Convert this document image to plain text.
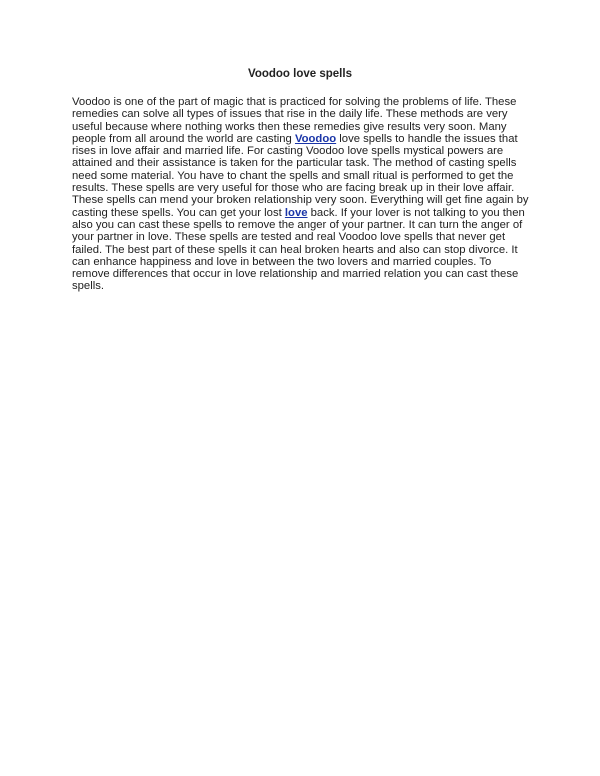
Voodoo love spells

Voodoo is one of the part of magic that is practiced for solving the problems of life. These remedies can solve all types of issues that rise in the daily life. These methods are very useful because where nothing works then these remedies give results very soon. Many people from all around the world are casting Voodoo love spells to handle the issues that rises in love affair and married life. For casting Voodoo love spells mystical powers are attained and their assistance is taken for the particular task. The method of casting spells need some material. You have to chant the spells and small ritual is performed to get the results. These spells are very useful for those who are facing break up in their love affair. These spells can mend your broken relationship very soon. Everything will get fine again by casting these spells. You can get your lost love back. If your lover is not talking to you then also you can cast these spells to remove the anger of your partner. It can turn the anger of your partner in love. These spells are tested and real Voodoo love spells that never get failed. The best part of these spells it can heal broken hearts and also can stop divorce. It can enhance happiness and love in between the two lovers and married couples. To remove differences that occur in love relationship and married relation you can cast these spells.
